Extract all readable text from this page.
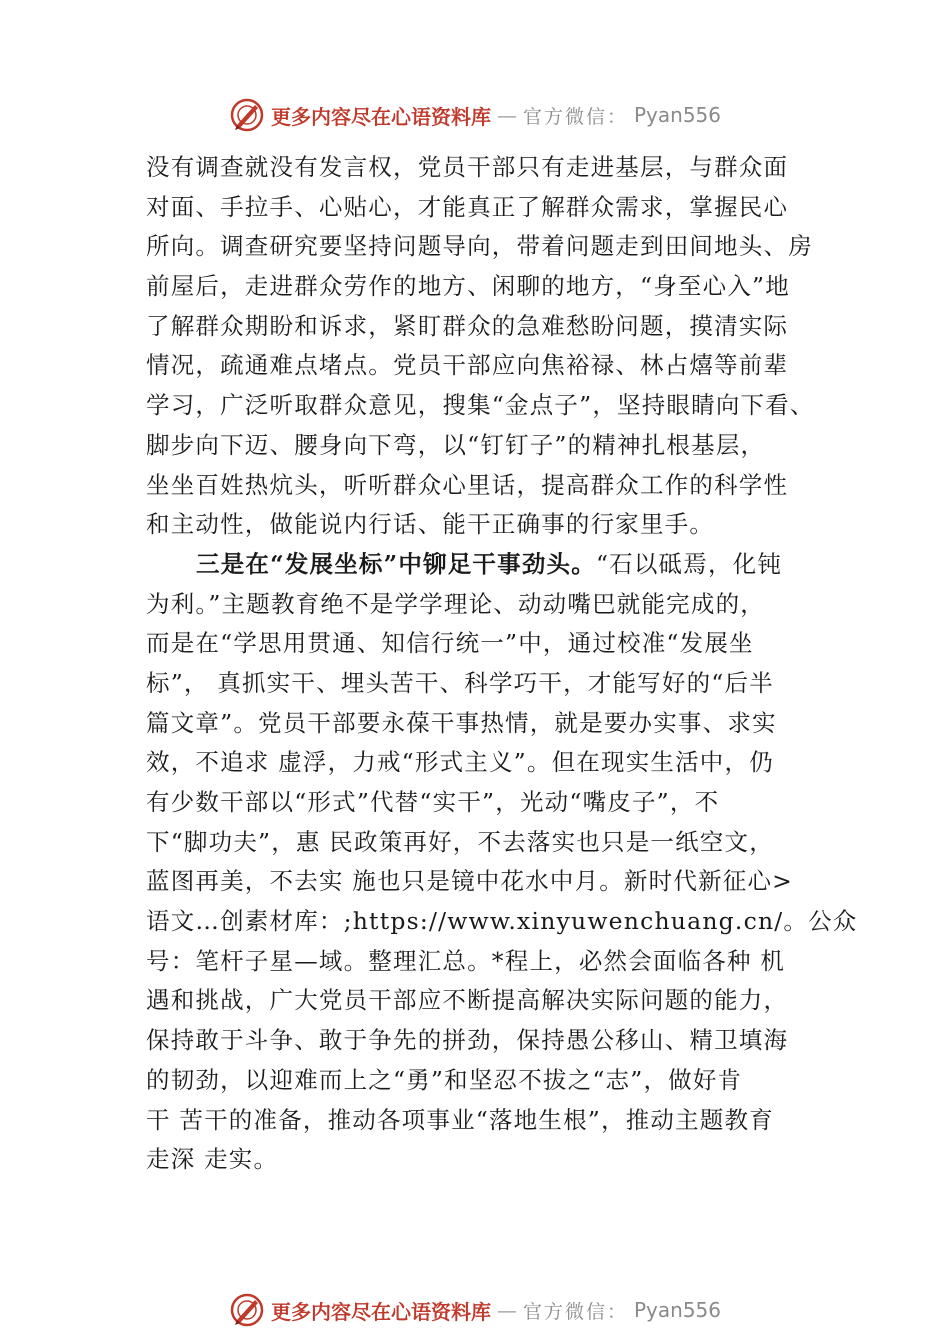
更多内容尽在心语资料库 — 官方微信： Pyan556
没有调查就没有发言权，党员干部只有走进基层，与群众面
对面、手拉手、心贴心，才能真正了解群众需求，掌握民心
所向。调查研究要坚持问题导向，带着问题走到田间地头、房
前屋后，走进群众劳作的地方、闲聊的地方，“身至心入”地
了解群众期盼和诉求，紧盯群众的急难愁盼问题，摸清实际
情况，疏通难点堵点。党员干部应向焦裕禄、林占熺等前辈
学习，广泛听取群众意见，搜集“金点子”，坚持眼睛向下看、
脚步向下迈、腰身向下弯，以“钉钉子”的精神扎根基层，
坐坐百姓热炕头，听听群众心里话，提高群众工作的科学性
和主动性，做能说内行话、能干正确事的行家里手。
三是在“发展坐标”中铆足干事劲头。“石以砥焉，化钝
为利。”主题教育绝不是学学理论、动动嘴巴就能完成的，
而是在“学思用贯通、知信行统一”中，通过校准“发展坐
标”， 真抓实干、埋头苦干、科学巧干，才能写好的“后半
篇文章”。党员干部要永葆干事热情，就是要办实事、求实
效，不追求 虚浮，力戒“形式主义”。但在现实生活中，仍
有少数干部以“形式”代替“实干”，光动“嘴皮子”，不
下“脚功夫”，惠 民政策再好，不去落实也只是一纸空文，
蓝图再美，不去实 施也只是镜中花水中月。新时代新征心>
语文…创素材库：;https://www.xinyuwenchuang.cn/。公众
号：笔杆子星—域。整理汇总。*程上，必然会面临各种 机
遇和挑战，广大党员干部应不断提高解决实际问题的能力，
保持敢于斗争、敢于争先的拼劲，保持愚公移山、精卫填海
的韧劲，以迎难而上之“勇”和坚忍不拔之“志”，做好肯
干 苦干的准备，推动各项事业“落地生根”，推动主题教育
走深 走实。
更多内容尽在心语资料库 — 官方微信： Pyan556
